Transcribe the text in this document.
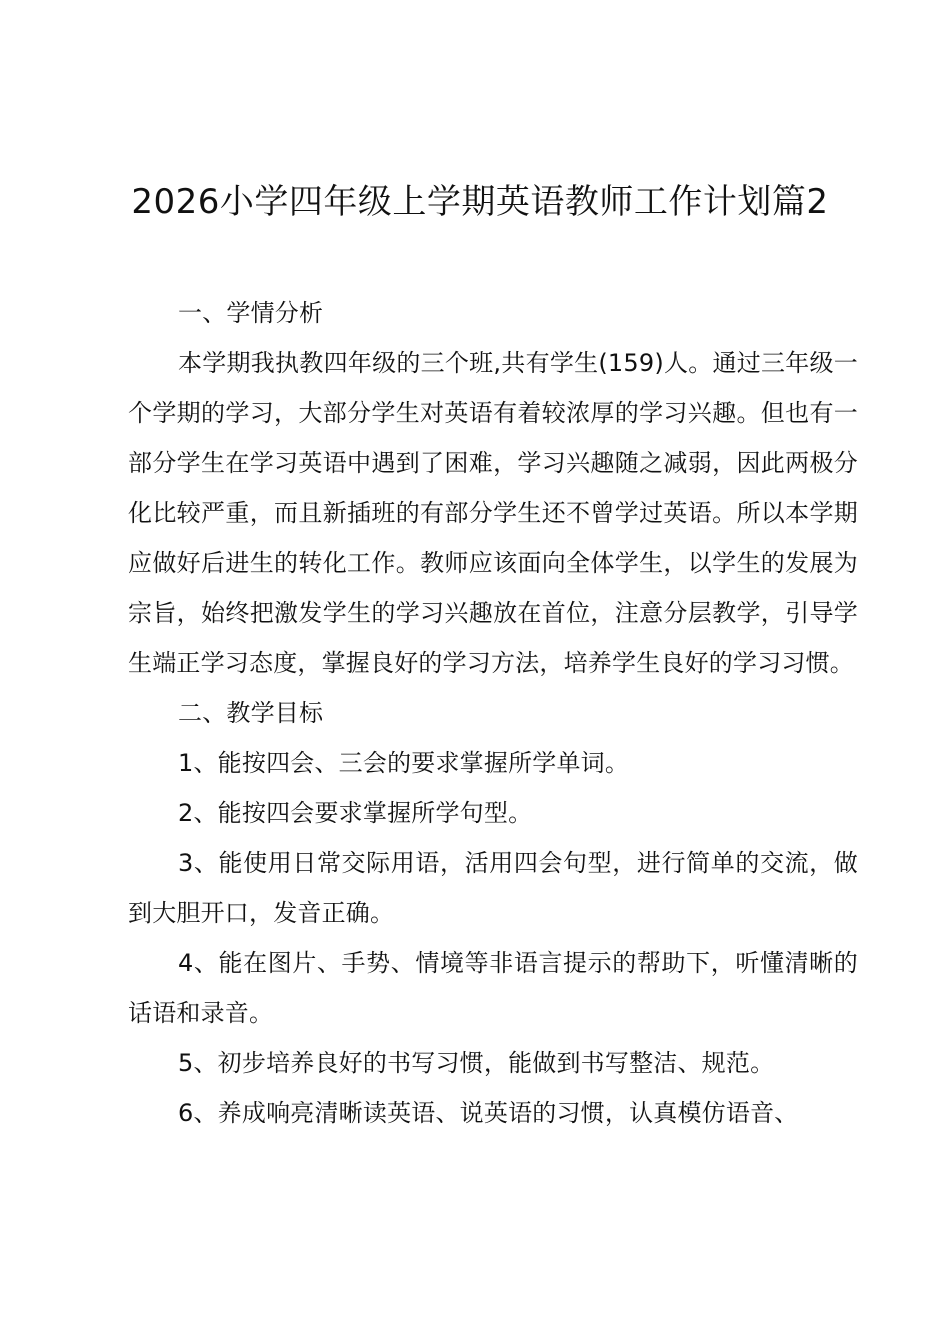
2026小学四年级上学期英语教师工作计划篇2

一、学情分析

本学期我执教四年级的三个班,共有学生(159)人。通过三年级一个学期的学习，大部分学生对英语有着较浓厚的学习兴趣。但也有一部分学生在学习英语中遇到了困难，学习兴趣随之减弱，因此两极分化比较严重，而且新插班的有部分学生还不曾学过英语。所以本学期应做好后进生的转化工作。教师应该面向全体学生，以学生的发展为宗旨，始终把激发学生的学习兴趣放在首位，注意分层教学，引导学生端正学习态度，掌握良好的学习方法，培养学生良好的学习习惯。

二、教学目标

1、能按四会、三会的要求掌握所学单词。

2、能按四会要求掌握所学句型。

3、能使用日常交际用语，活用四会句型，进行简单的交流，做到大胆开口，发音正确。

4、能在图片、手势、情境等非语言提示的帮助下，听懂清晰的话语和录音。

5、初步培养良好的书写习惯，能做到书写整洁、规范。

6、养成响亮清晰读英语、说英语的习惯，认真模仿语音、
